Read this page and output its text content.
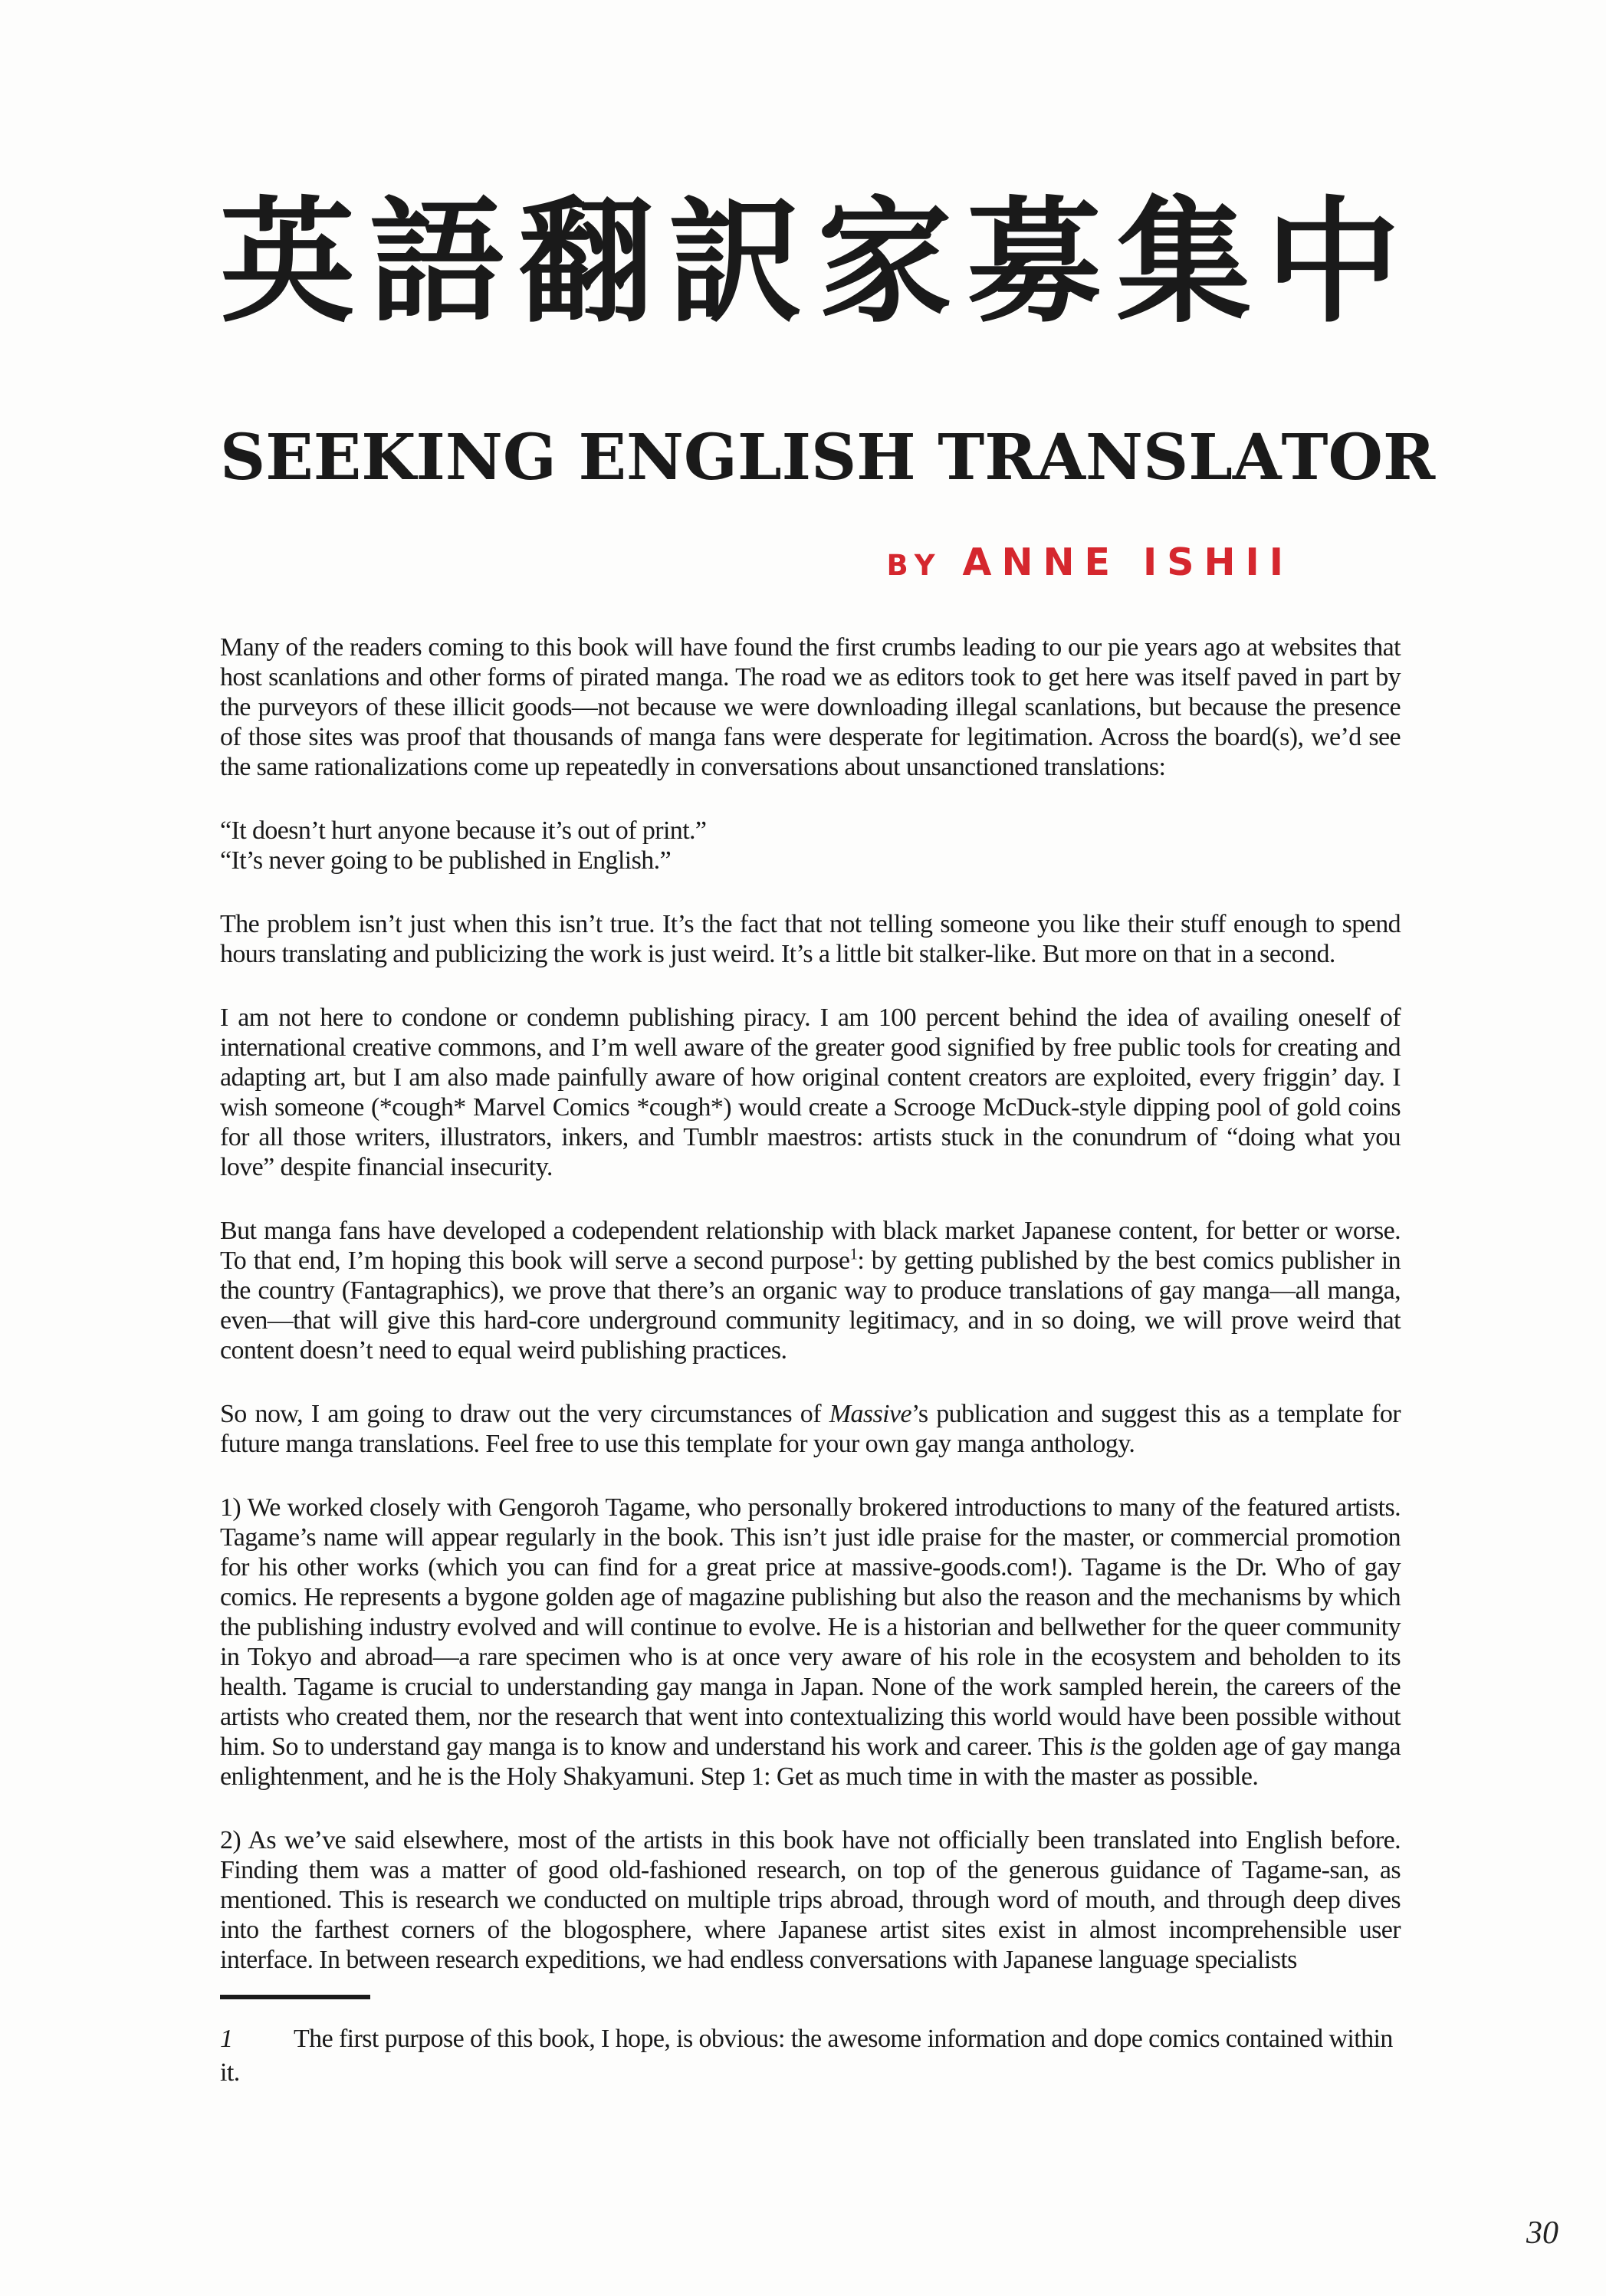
英 語 翻 訳 家 募 集 中
S E E K I N G
E N G L I S H
T R A N S L A T O R
BY ANNE ISHII

Many of the readers coming to this book will have found the first crumbs leading to our pie years ago at websites that host scanlations and other forms of pirated manga. The road we as editors took to get here was itself paved in part by the purveyors of these illicit goods—not because we were downloading illegal scanlations, but because the presence of those sites was proof that thousands of manga fans were desperate for legitimation. Across the board(s), we’d see the same rationalizations come up repeatedly in conversations about unsanctioned translations:

“It doesn’t hurt anyone because it’s out of print.”

“It’s never going to be published in English.”

The problem isn’t just when this isn’t true. It’s the fact that not telling someone you like their stuff enough to spend hours translating and publicizing the work is just weird. It’s a little bit stalker-like. But more on that in a second.

I am not here to condone or condemn publishing piracy. I am 100 percent behind the idea of availing oneself of international creative commons, and I’m well aware of the greater good signified by free public tools for creating and adapting art, but I am also made painfully aware of how original content creators are exploited, every friggin’ day. I wish someone (*cough* Marvel Comics *cough*) would create a Scrooge McDuck-style dipping pool of gold coins for all those writers, illustrators, inkers, and Tumblr maestros: artists stuck in the conundrum of “doing what you love” despite financial insecurity.

But manga fans have developed a codependent relationship with black market Japanese content, for better or worse. To that end, I’m hoping this book will serve a second purpose$^1$: by getting published by the best comics publisher in the country (Fantagraphics), we prove that there’s an organic way to produce translations of gay manga—all manga, even—that will give this hard-core underground community legitimacy, and in so doing, we will prove weird that content doesn’t need to equal weird publishing practices.

So now, I am going to draw out the very circumstances of Massive’s publication and suggest this as a template for future manga translations. Feel free to use this template for your own gay manga anthology.

1) We worked closely with Gengoroh Tagame, who personally brokered introductions to many of the featured artists. Tagame’s name will appear regularly in the book. This isn’t just idle praise for the master, or commercial promotion for his other works (which you can find for a great price at massive-goods.com!). Tagame is the Dr. Who of gay comics. He represents a bygone golden age of magazine publishing but also the reason and the mechanisms by which the publishing industry evolved and will continue to evolve. He is a historian and bellwether for the queer community in Tokyo and abroad—a rare specimen who is at once very aware of his role in the ecosystem and beholden to its health. Tagame is crucial to understanding gay manga in Japan. None of the work sampled herein, the careers of the artists who created them, nor the research that went into contextualizing this world would have been possible without him. So to understand gay manga is to know and understand his work and career. This is the golden age of gay manga enlightenment, and he is the Holy Shakyamuni. Step 1: Get as much time in with the master as possible.

2) As we’ve said elsewhere, most of the artists in this book have not officially been translated into English before. Finding them was a matter of good old-fashioned research, on top of the generous guidance of Tagame-san, as mentioned. This is research we conducted on multiple trips abroad, through word of mouth, and through deep dives into the farthest corners of the blogosphere, where Japanese artist sites exist in almost incomprehensible user interface. In between research expeditions, we had endless conversations with Japanese language specialists

1 The first purpose of this book, I hope, is obvious: the awesome information and dope comics contained within it.
30
